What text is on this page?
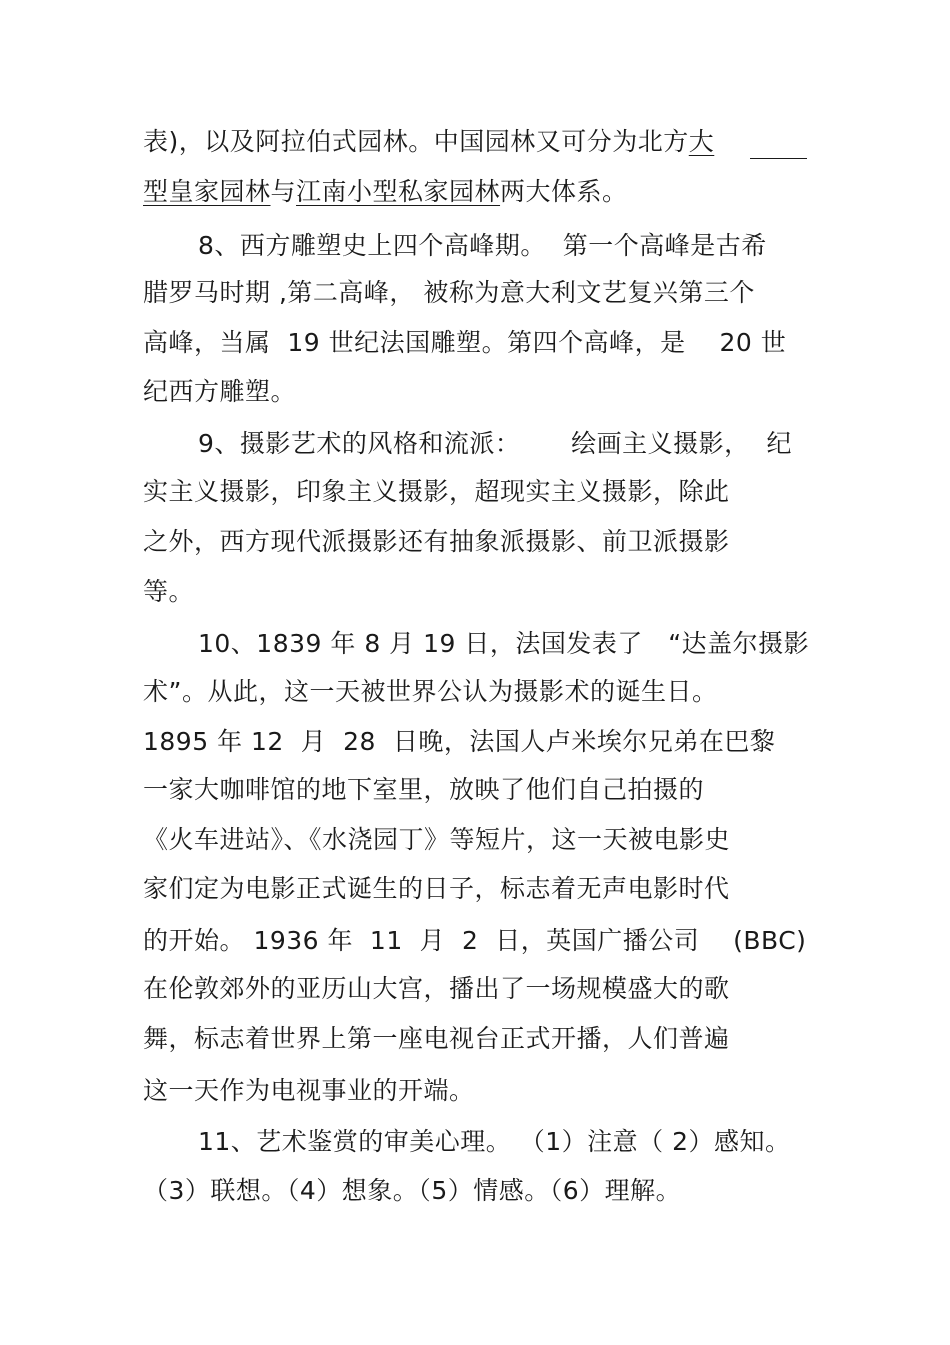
表)，以及阿拉伯式园林。中国园林又可分为北方大
型皇家园林与江南小型私家园林两大体系。
8、西方雕塑史上四个高峰期。  第一个高峰是古希
腊罗马时期 ,第二高峰， 被称为意大利文艺复兴第三个
高峰，当属  19 世纪法国雕塑。第四个高峰，是    20 世
纪西方雕塑。
9、摄影艺术的风格和流派：      绘画主义摄影，  纪
实主义摄影，印象主义摄影，超现实主义摄影，除此
之外，西方现代派摄影还有抽象派摄影、前卫派摄影
等。
10、1839 年 8 月 19 日，法国发表了   “达盖尔摄影
术”。从此，这一天被世界公认为摄影术的诞生日。
1895 年 12  月  28  日晚，法国人卢米埃尔兄弟在巴黎
一家大咖啡馆的地下室里，放映了他们自己拍摄的
《火车进站》、《水浇园丁》等短片，这一天被电影史
家们定为电影正式诞生的日子，标志着无声电影时代
的开始。 1936 年  11  月  2  日，英国广播公司    (BBC)
在伦敦郊外的亚历山大宫，播出了一场规模盛大的歌
舞，标志着世界上第一座电视台正式开播，人们普遍
这一天作为电视事业的开端。
11、艺术鉴赏的审美心理。 （1）注意（ 2）感知。
（3）联想。（4）想象。（5）情感。（6）理解。
